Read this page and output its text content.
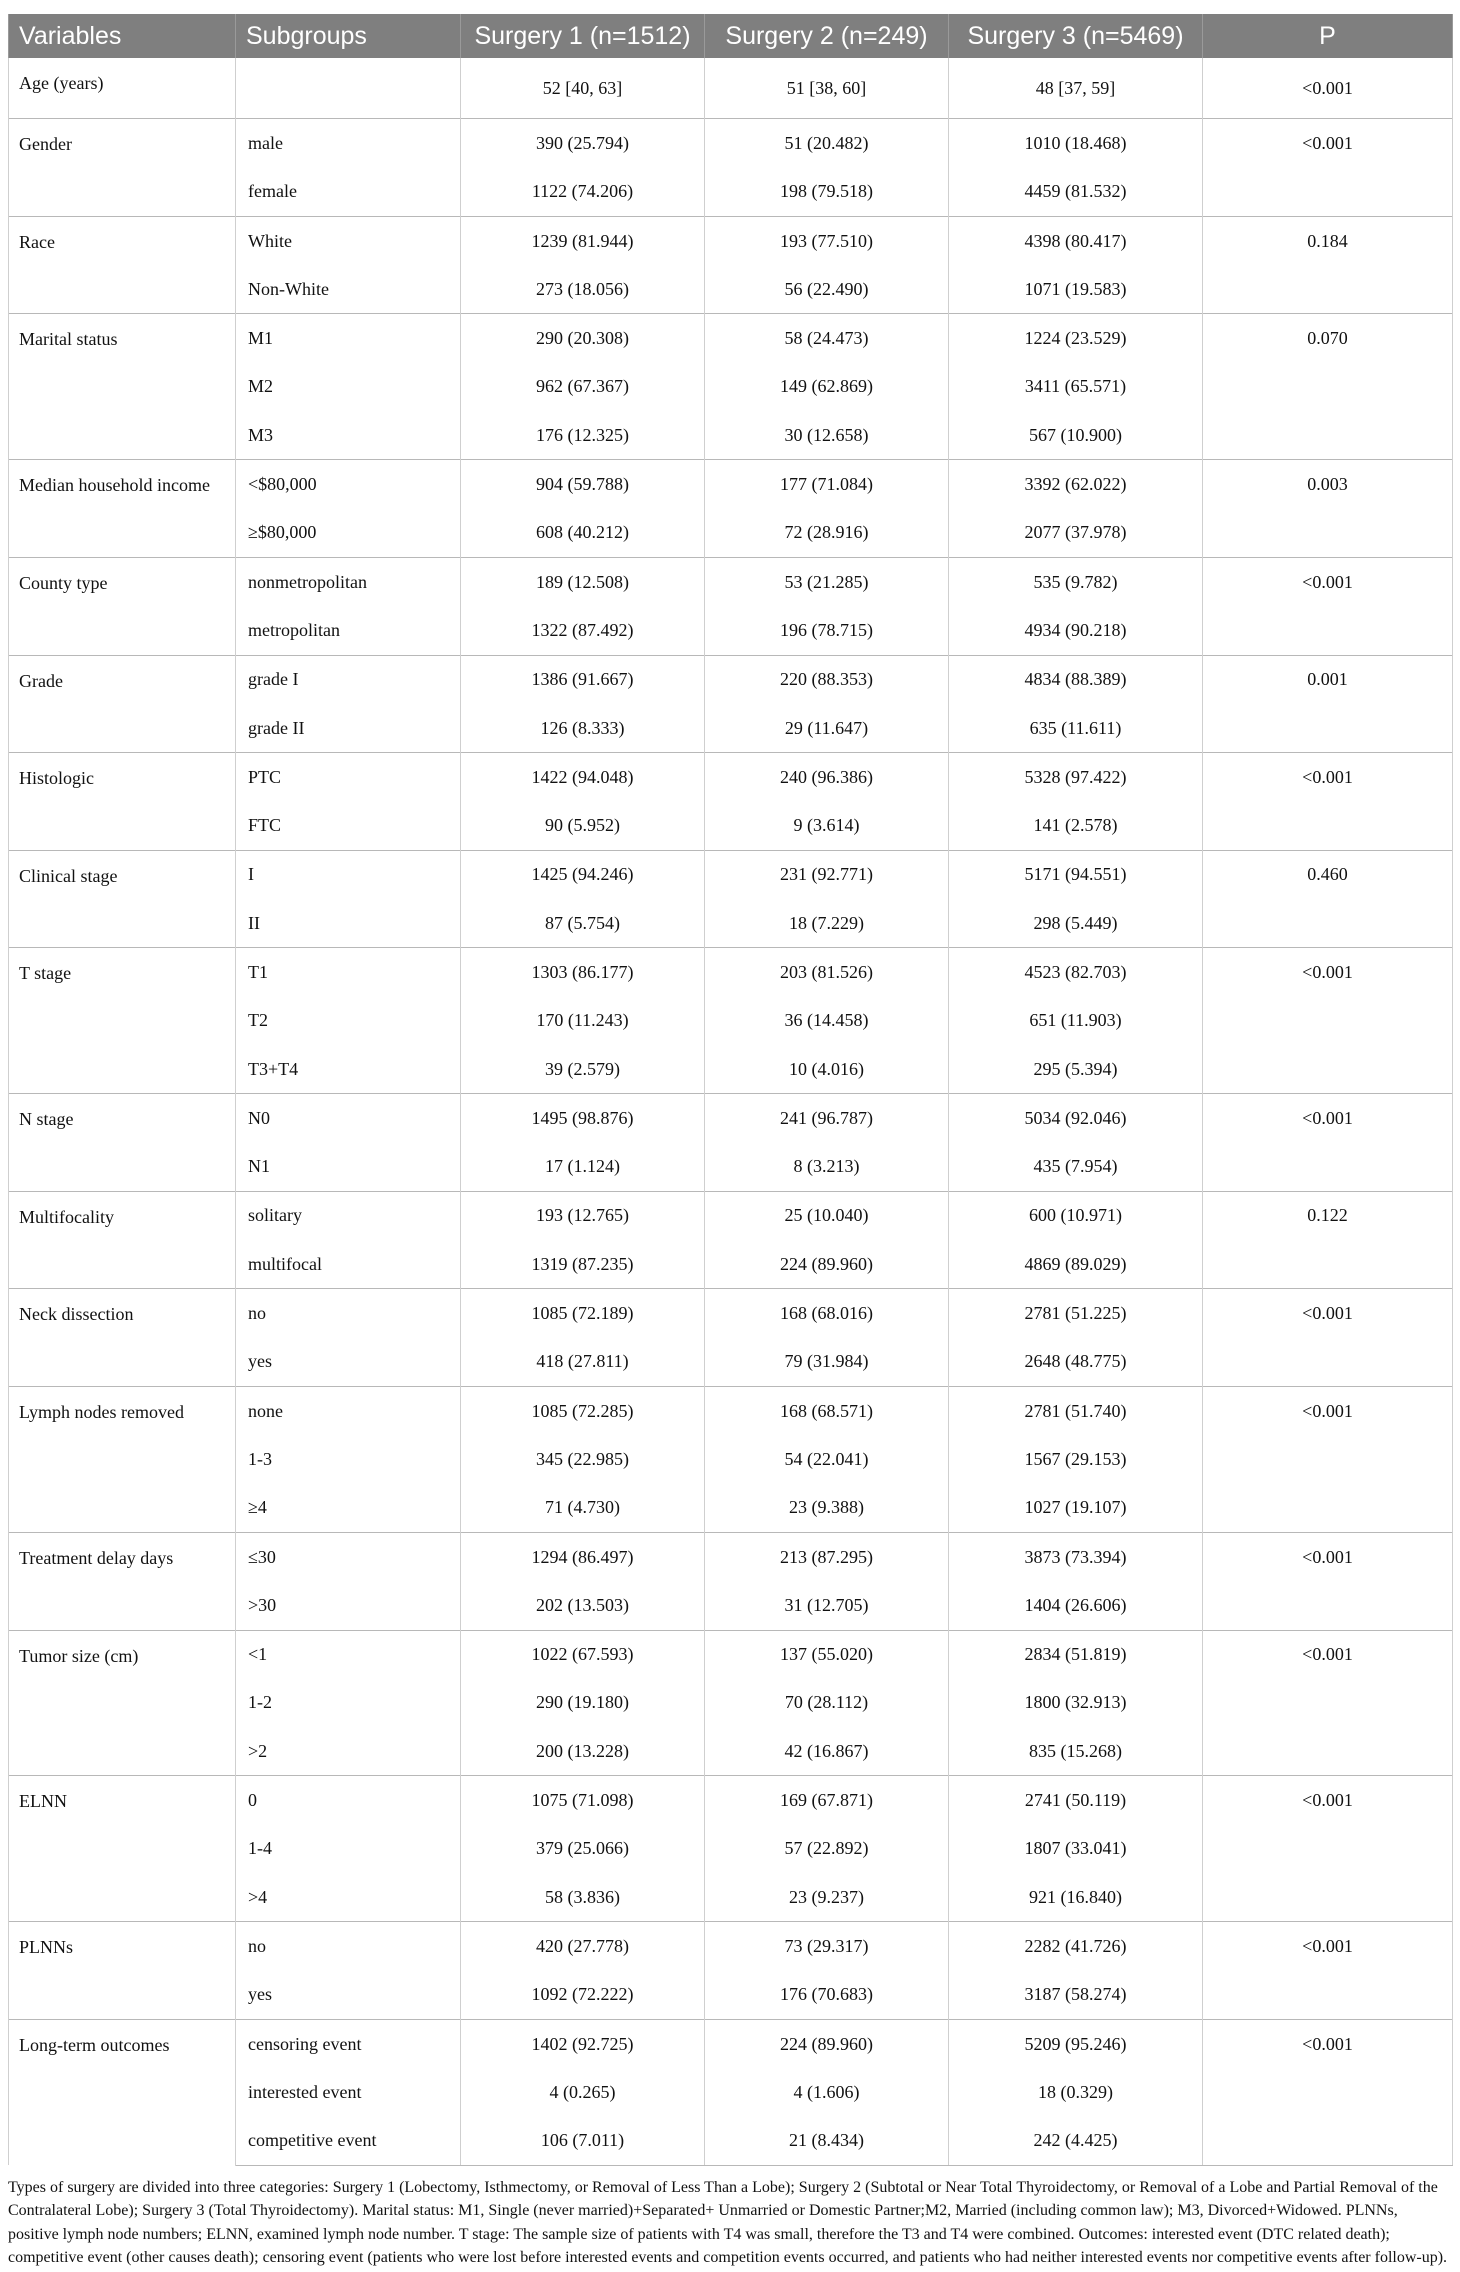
Variables	Subgroups	Surgery 1 (n=1512)	Surgery 2 (n=249)	Surgery 3 (n=5469)	P
Age (years)		52 [40, 63]	51 [38, 60]	48 [37, 59]	<0.001
Gender	male	390 (25.794)	51 (20.482)	1010 (18.468)	<0.001
	female	1122 (74.206)	198 (79.518)	4459 (81.532)	
Race	White	1239 (81.944)	193 (77.510)	4398 (80.417)	0.184
	Non-White	273 (18.056)	56 (22.490)	1071 (19.583)	
Marital status	M1	290 (20.308)	58 (24.473)	1224 (23.529)	0.070
	M2	962 (67.367)	149 (62.869)	3411 (65.571)	
	M3	176 (12.325)	30 (12.658)	567 (10.900)	
Median household income	<$80,000	904 (59.788)	177 (71.084)	3392 (62.022)	0.003
	≥$80,000	608 (40.212)	72 (28.916)	2077 (37.978)	
County type	nonmetropolitan	189 (12.508)	53 (21.285)	535 (9.782)	<0.001
	metropolitan	1322 (87.492)	196 (78.715)	4934 (90.218)	
Grade	grade I	1386 (91.667)	220 (88.353)	4834 (88.389)	0.001
	grade II	126 (8.333)	29 (11.647)	635 (11.611)	
Histologic	PTC	1422 (94.048)	240 (96.386)	5328 (97.422)	<0.001
	FTC	90 (5.952)	9 (3.614)	141 (2.578)	
Clinical stage	I	1425 (94.246)	231 (92.771)	5171 (94.551)	0.460
	II	87 (5.754)	18 (7.229)	298 (5.449)	
T stage	T1	1303 (86.177)	203 (81.526)	4523 (82.703)	<0.001
	T2	170 (11.243)	36 (14.458)	651 (11.903)	
	T3+T4	39 (2.579)	10 (4.016)	295 (5.394)	
N stage	N0	1495 (98.876)	241 (96.787)	5034 (92.046)	<0.001
	N1	17 (1.124)	8 (3.213)	435 (7.954)	
Multifocality	solitary	193 (12.765)	25 (10.040)	600 (10.971)	0.122
	multifocal	1319 (87.235)	224 (89.960)	4869 (89.029)	
Neck dissection	no	1085 (72.189)	168 (68.016)	2781 (51.225)	<0.001
	yes	418 (27.811)	79 (31.984)	2648 (48.775)	
Lymph nodes removed	none	1085 (72.285)	168 (68.571)	2781 (51.740)	<0.001
	1-3	345 (22.985)	54 (22.041)	1567 (29.153)	
	≥4	71 (4.730)	23 (9.388)	1027 (19.107)	
Treatment delay days	≤30	1294 (86.497)	213 (87.295)	3873 (73.394)	<0.001
	>30	202 (13.503)	31 (12.705)	1404 (26.606)	
Tumor size (cm)	<1	1022 (67.593)	137 (55.020)	2834 (51.819)	<0.001
	1-2	290 (19.180)	70 (28.112)	1800 (32.913)	
	>2	200 (13.228)	42 (16.867)	835 (15.268)	
ELNN	0	1075 (71.098)	169 (67.871)	2741 (50.119)	<0.001
	1-4	379 (25.066)	57 (22.892)	1807 (33.041)	
	>4	58 (3.836)	23 (9.237)	921 (16.840)	
PLNNs	no	420 (27.778)	73 (29.317)	2282 (41.726)	<0.001
	yes	1092 (72.222)	176 (70.683)	3187 (58.274)	
Long-term outcomes	censoring event	1402 (92.725)	224 (89.960)	5209 (95.246)	<0.001
	interested event	4 (0.265)	4 (1.606)	18 (0.329)	
	competitive event	106 (7.011)	21 (8.434)	242 (4.425)	
Types of surgery are divided into three categories: Surgery 1 (Lobectomy, Isthmectomy, or Removal of Less Than a Lobe); Surgery 2 (Subtotal or Near Total Thyroidectomy, or Removal of a Lobe and Partial Removal of the Contralateral Lobe); Surgery 3 (Total Thyroidectomy). Marital status: M1, Single (never married)+Separated+ Unmarried or Domestic Partner;M2, Married (including common law); M3, Divorced+Widowed. PLNNs, positive lymph node numbers; ELNN, examined lymph node number. T stage: The sample size of patients with T4 was small, therefore the T3 and T4 were combined. Outcomes: interested event (DTC related death); competitive event (other causes death); censoring event (patients who were lost before interested events and competition events occurred, and patients who had neither interested events nor competitive events after follow-up).
